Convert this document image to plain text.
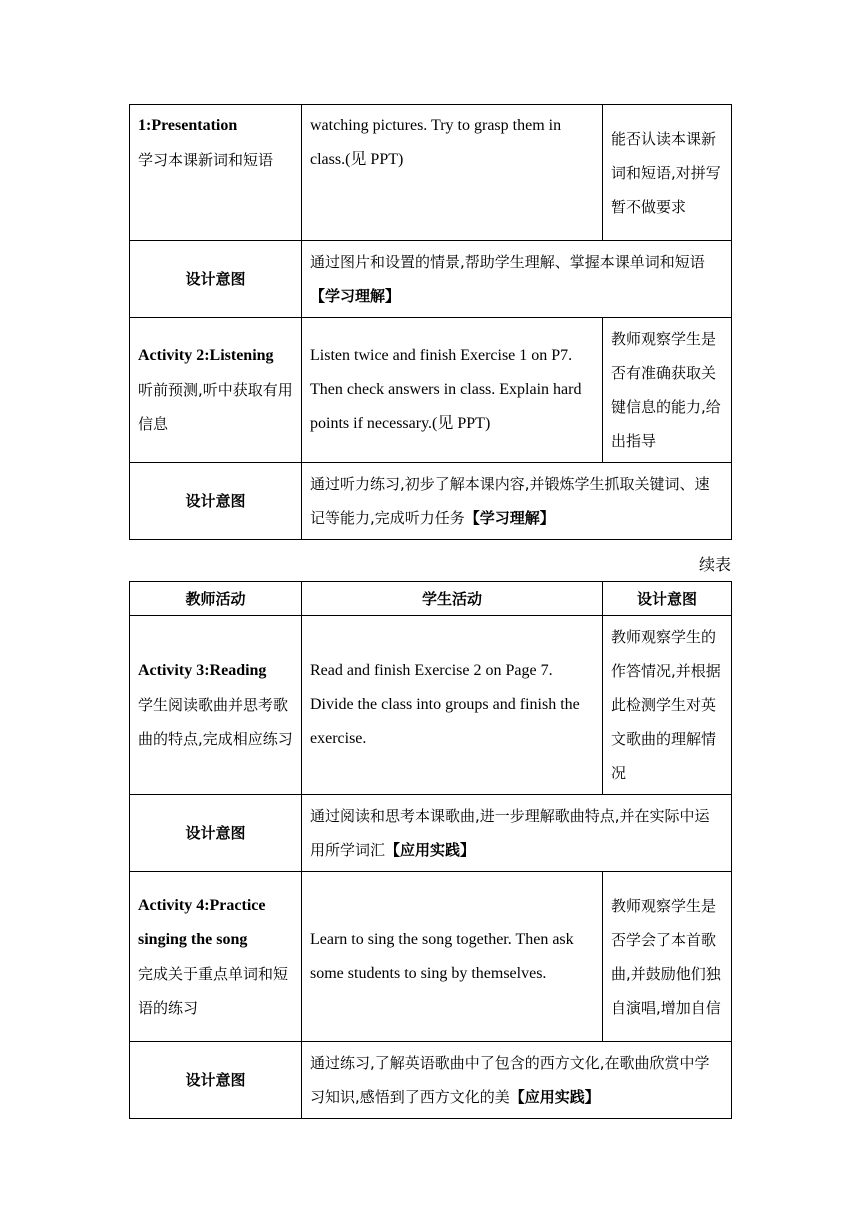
1:Presentation
学习本课新词和短语	watching pictures. Try to grasp them in class.(见 PPT)	能否认读本课新词和短语,对拼写暂不做要求
设计意图	通过图片和设置的情景,帮助学生理解、掌握本课单词和短语【学习理解】	

Activity 2:Listening
听前预测,听中获取有用信息	Listen twice and finish Exercise 1 on P7. Then check answers in class. Explain hard points if necessary.(见 PPT)	教师观察学生是否有准确获取关键信息的能力,给出指导
设计意图	通过听力练习,初步了解本课内容,并锻炼学生抓取关键词、速记等能力,完成听力任务【学习理解】	
续表
教师活动	学生活动	设计意图

Activity 3:Reading
学生阅读歌曲并思考歌曲的特点,完成相应练习	Read and finish Exercise 2 on Page 7. Divide the class into groups and finish the exercise.	教师观察学生的作答情况,并根据此检测学生对英文歌曲的理解情况
设计意图	通过阅读和思考本课歌曲,进一步理解歌曲特点,并在实际中运用所学词汇【应用实践】	

Activity 4:Practice singing the song
完成关于重点单词和短语的练习	Learn to sing the song together. Then ask some students to sing by themselves.	教师观察学生是否学会了本首歌曲,并鼓励他们独自演唱,增加自信
设计意图	通过练习,了解英语歌曲中了包含的西方文化,在歌曲欣赏中学习知识,感悟到了西方文化的美【应用实践】	
